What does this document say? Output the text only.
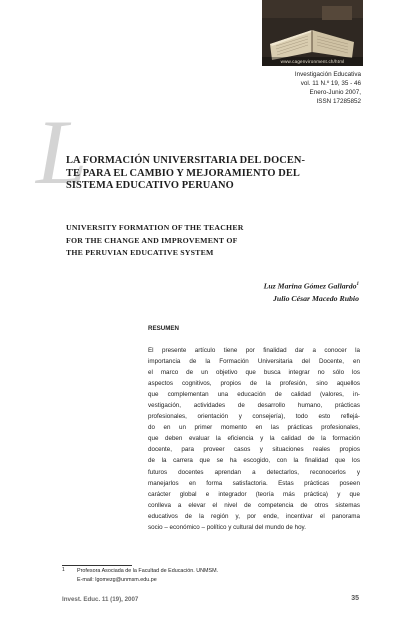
www.cagenvironment.ch/html
Investigación Educativa
vol. 11 N.º 19, 35 - 46
Enero-Junio 2007,
ISSN 17285852
L
LA FORMACIÓN UNIVERSITARIA DEL DOCEN-
TE PARA EL CAMBIO Y MEJORAMIENTO DEL
SISTEMA EDUCATIVO PERUANO
UNIVERSITY FORMATION OF THE TEACHER
FOR THE CHANGE AND IMPROVEMENT OF
THE PERUVIAN EDUCATIVE SYSTEM
Luz Marina Gómez Gallardo$^1$
Julio César Macedo Rubio
RESUMEN
El presente artículo tiene por finalidad dar a conocer la
importancia de la Formación Universitaria del Docente, en
el marco de un objetivo que busca integrar no sólo los
aspectos cognitivos, propios de la profesión, sino aquellos
que complementan una educación de calidad (valores, in-
vestigación, actividades de desarrollo humano, prácticas
profesionales, orientación y consejería), todo esto reflejá-
do en un primer momento en las prácticas profesionales,
que deben evaluar la eficiencia y la calidad de la formación
docente, para proveer casos y situaciones reales propios
de la carrera que se ha escogido, con la finalidad que los
futuros docentes aprendan a detectarlos, reconocerlos y
manejarlos en forma satisfactoria. Estas prácticas poseen
carácter global e integrador (teoría más práctica) y que
conlleva a elevar el nivel de competencia de otros sistemas
educativos de la región y, por ende, incentivar el panorama
socio – económico – político y cultural del mundo de hoy.
1 Profesora Asociada de la Facultad de Educación. UNMSM.
E-mail: lgomezg@unmsm.edu.pe
Invest. Educ. 11 (19), 2007	35
